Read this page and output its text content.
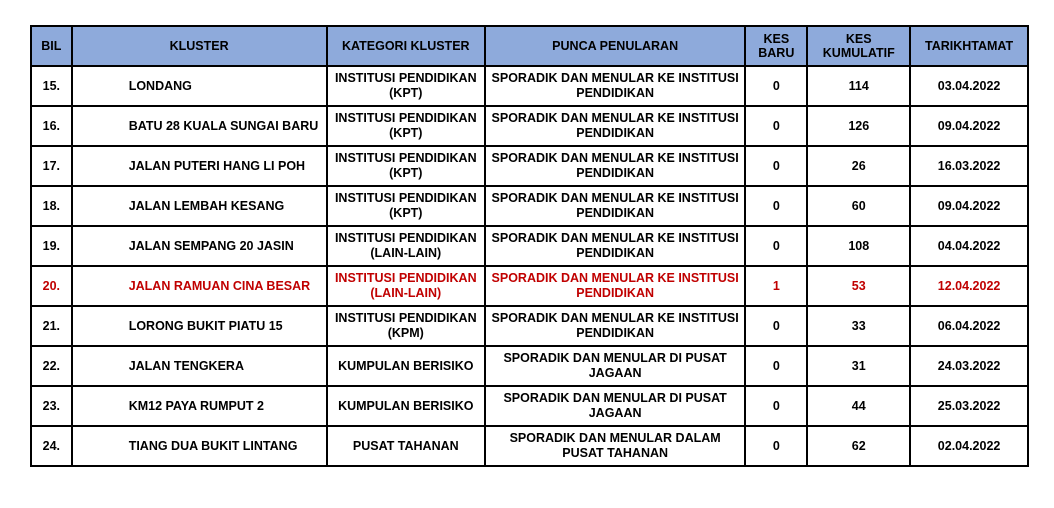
BIL	KLUSTER	KATEGORI KLUSTER	PUNCA PENULARAN	KES BARU	KES KUMULATIF	TARIKHTAMAT
15.	LONDANG	INSTITUSI PENDIDIKAN (KPT)	SPORADIK DAN MENULAR KE INSTITUSI PENDIDIKAN	0	114	03.04.2022
16.	BATU 28 KUALA SUNGAI BARU	INSTITUSI PENDIDIKAN (KPT)	SPORADIK DAN MENULAR KE INSTITUSI PENDIDIKAN	0	126	09.04.2022
17.	JALAN PUTERI HANG LI POH	INSTITUSI PENDIDIKAN (KPT)	SPORADIK DAN MENULAR KE INSTITUSI PENDIDIKAN	0	26	16.03.2022
18.	JALAN LEMBAH KESANG	INSTITUSI PENDIDIKAN (KPT)	SPORADIK DAN MENULAR KE INSTITUSI PENDIDIKAN	0	60	09.04.2022
19.	JALAN SEMPANG 20 JASIN	INSTITUSI PENDIDIKAN (LAIN-LAIN)	SPORADIK DAN MENULAR KE INSTITUSI PENDIDIKAN	0	108	04.04.2022
20.	JALAN RAMUAN CINA BESAR	INSTITUSI PENDIDIKAN (LAIN-LAIN)	SPORADIK DAN MENULAR KE INSTITUSI PENDIDIKAN	1	53	12.04.2022
21.	LORONG BUKIT PIATU 15	INSTITUSI PENDIDIKAN (KPM)	SPORADIK DAN MENULAR KE INSTITUSI PENDIDIKAN	0	33	06.04.2022
22.	JALAN TENGKERA	KUMPULAN BERISIKO	SPORADIK DAN MENULAR DI PUSAT JAGAAN	0	31	24.03.2022
23.	KM12 PAYA RUMPUT 2	KUMPULAN BERISIKO	SPORADIK DAN MENULAR DI PUSAT JAGAAN	0	44	25.03.2022
24.	TIANG DUA BUKIT LINTANG	PUSAT TAHANAN	SPORADIK DAN MENULAR DALAM PUSAT TAHANAN	0	62	02.04.2022
